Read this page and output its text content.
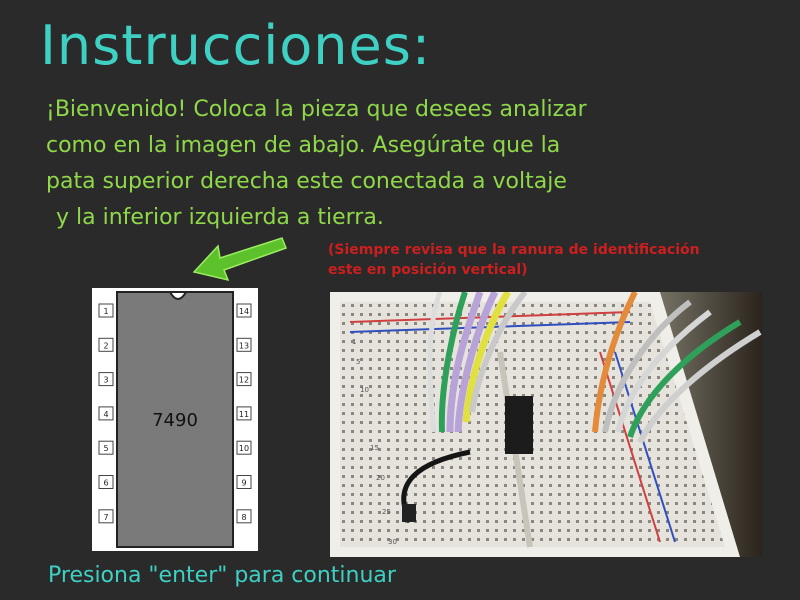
Instrucciones:
¡Bienvenido! Coloca la pieza que desees analizar
como en la imagen de abajo. Asegúrate que la
pata superior derecha este conectada a voltaje
y la inferior izquierda a tierra.
(Siempre revisa que la ranura de identificación
este en posición vertical)
7490
1	14
2	13
3	12
4	11
5	10
6	9
7	8
15
20
25
30
10
5
1
Presiona "enter" para continuar
